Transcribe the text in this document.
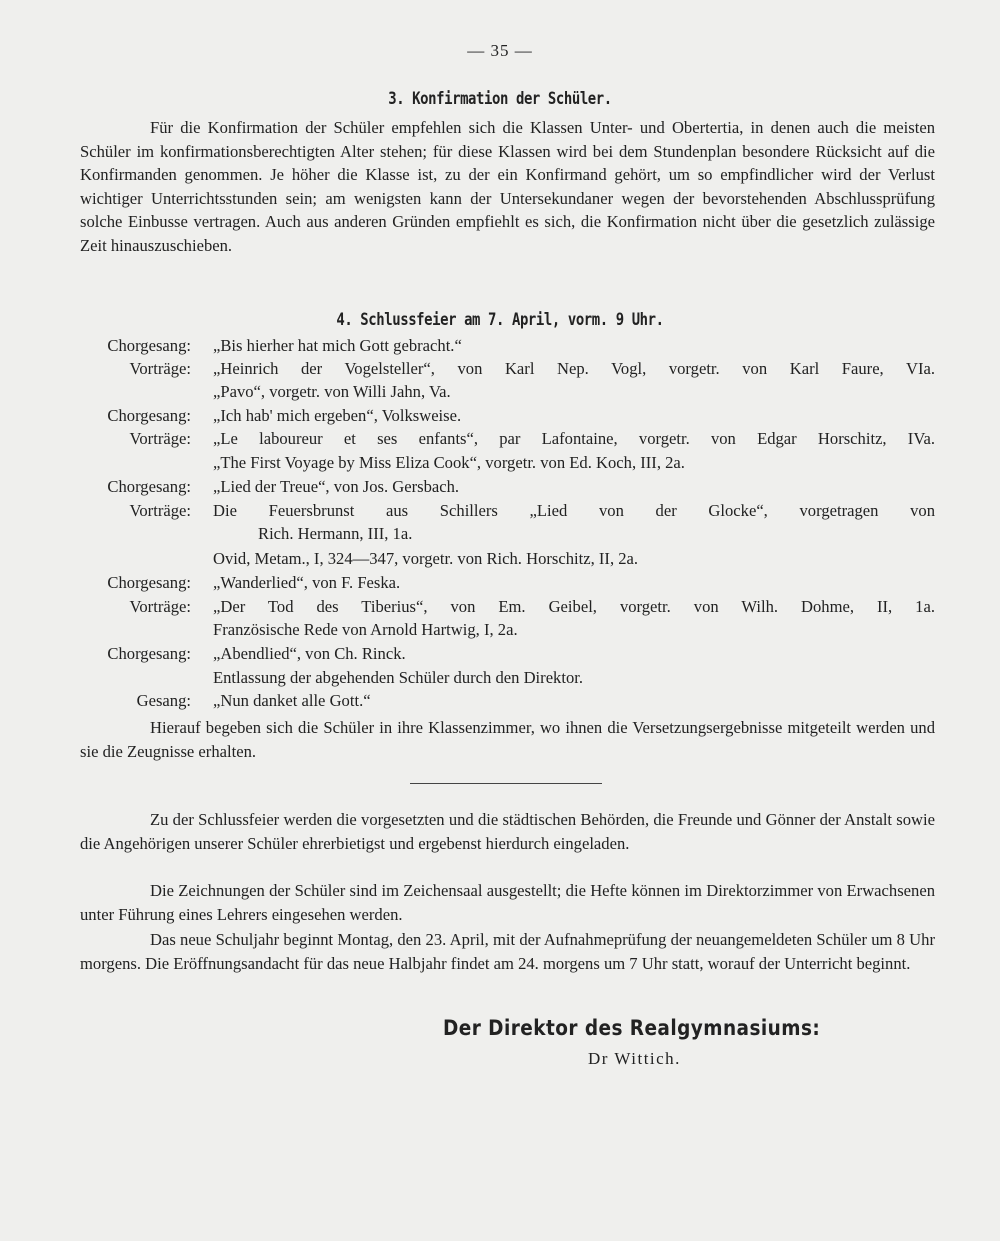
— 35 —
3. Konfirmation der Schüler.
Für die Konfirmation der Schüler empfehlen sich die Klassen Unter- und Obertertia, in denen auch die meisten Schüler im konfirmationsberechtigten Alter stehen; für diese Klassen wird bei dem Stundenplan besondere Rücksicht auf die Konfirmanden genommen. Je höher die Klasse ist, zu der ein Konfirmand gehört, um so empfindlicher wird der Verlust wichtiger Unterrichtsstunden sein; am wenigsten kann der Untersekundaner wegen der bevorstehenden Abschlussprüfung solche Einbusse vertragen. Auch aus anderen Gründen empfiehlt es sich, die Konfirmation nicht über die gesetzlich zulässige Zeit hinauszuschieben.
4. Schlussfeier am 7. April, vorm. 9 Uhr.
Chorgesang: „Bis hierher hat mich Gott gebracht.“
Vorträge: „Heinrich der Vogelsteller“, von Karl Nep. Vogl, vorgetr. von Karl Faure, VIa.
„Pavo“, vorgetr. von Willi Jahn, Va.
Chorgesang: „Ich hab' mich ergeben“, Volksweise.
Vorträge: „Le laboureur et ses enfants“, par Lafontaine, vorgetr. von Edgar Horschitz, IVa.
„The First Voyage by Miss Eliza Cook“, vorgetr. von Ed. Koch, III, 2a.
Chorgesang: „Lied der Treue“, von Jos. Gersbach.
Vorträge: Die Feuersbrunst aus Schillers „Lied von der Glocke“, vorgetragen von
Rich. Hermann, III, 1a.
Ovid, Metam., I, 324—347, vorgetr. von Rich. Horschitz, II, 2a.
Chorgesang: „Wanderlied“, von F. Feska.
Vorträge: „Der Tod des Tiberius“, von Em. Geibel, vorgetr. von Wilh. Dohme, II, 1a.
Französische Rede von Arnold Hartwig, I, 2a.
Chorgesang: „Abendlied“, von Ch. Rinck.
Entlassung der abgehenden Schüler durch den Direktor.
Gesang: „Nun danket alle Gott.“
Hierauf begeben sich die Schüler in ihre Klassenzimmer, wo ihnen die Versetzungsergebnisse mitgeteilt werden und sie die Zeugnisse erhalten.
Zu der Schlussfeier werden die vorgesetzten und die städtischen Behörden, die Freunde und Gönner der Anstalt sowie die Angehörigen unserer Schüler ehrerbietigst und ergebenst hierdurch eingeladen.
Die Zeichnungen der Schüler sind im Zeichensaal ausgestellt; die Hefte können im Direktorzimmer von Erwachsenen unter Führung eines Lehrers eingesehen werden.
Das neue Schuljahr beginnt Montag, den 23. April, mit der Aufnahmeprüfung der neuangemeldeten Schüler um 8 Uhr morgens. Die Eröffnungsandacht für das neue Halbjahr findet am 24. morgens um 7 Uhr statt, worauf der Unterricht beginnt.
Der Direktor des Realgymnasiums:
Dr Wittich.
